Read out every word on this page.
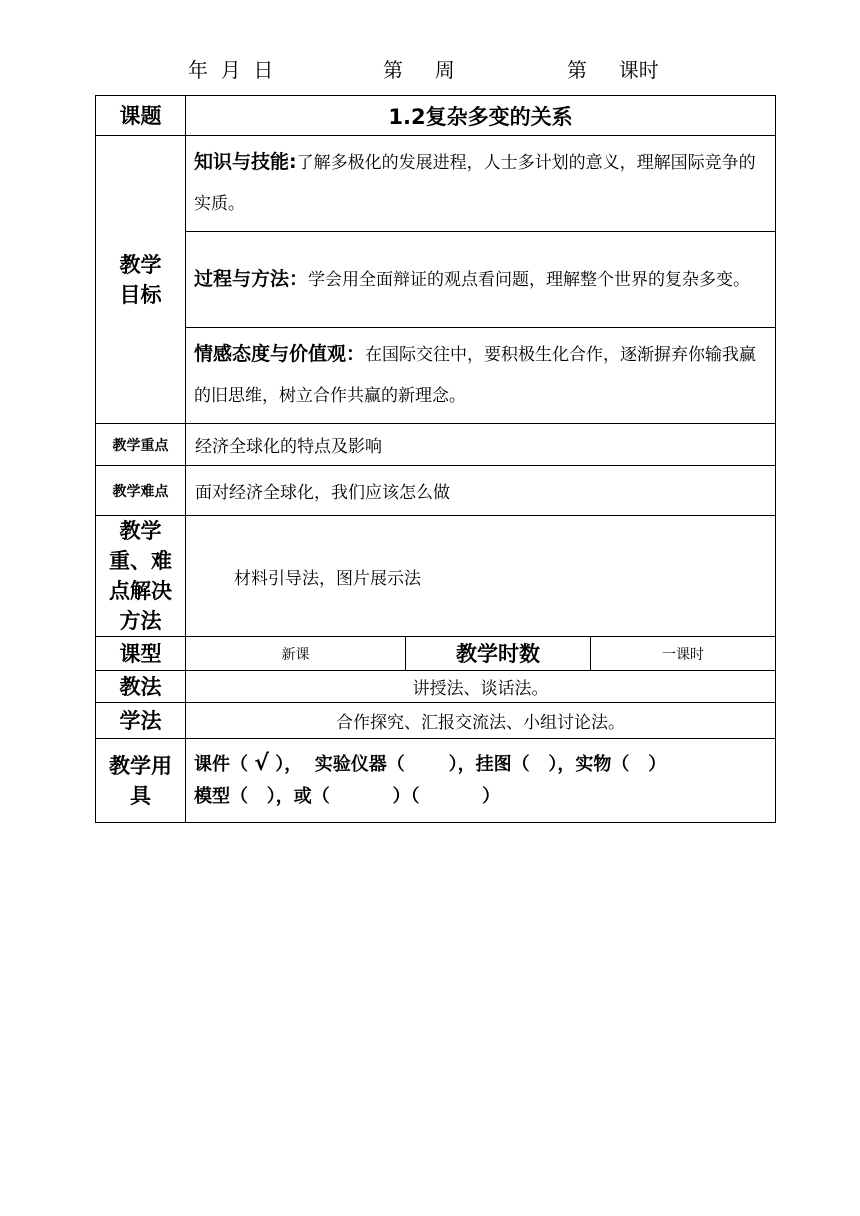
年  月  日	第     周	第     课时
课题	1.2复杂多变的关系		

教学目标	知识与技能:了解多极化的发展进程，人士多计划的意义，理解国际竞争的实质。		
	过程与方法：学会用全面辩证的观点看问题，理解整个世界的复杂多变。		
	情感态度与价值观：在国际交往中，要积极生化合作，逐渐摒弃你输我赢的旧思维，树立合作共赢的新理念。		
教学重点	经济全球化的特点及影响		
教学难点	面对经济全球化，我们应该怎么做		

教学重、难点解决方法	材料引导法，图片展示法		
课型	新课	教学时数	一课时
教法	讲授法、谈话法。		
学法	合作探究、汇报交流法、小组讨论法。		

教学用具	课件（ √ ），  实验仪器（       ），挂图（   ），实物（   ）
模型（   ），或（          ）（          ）		
